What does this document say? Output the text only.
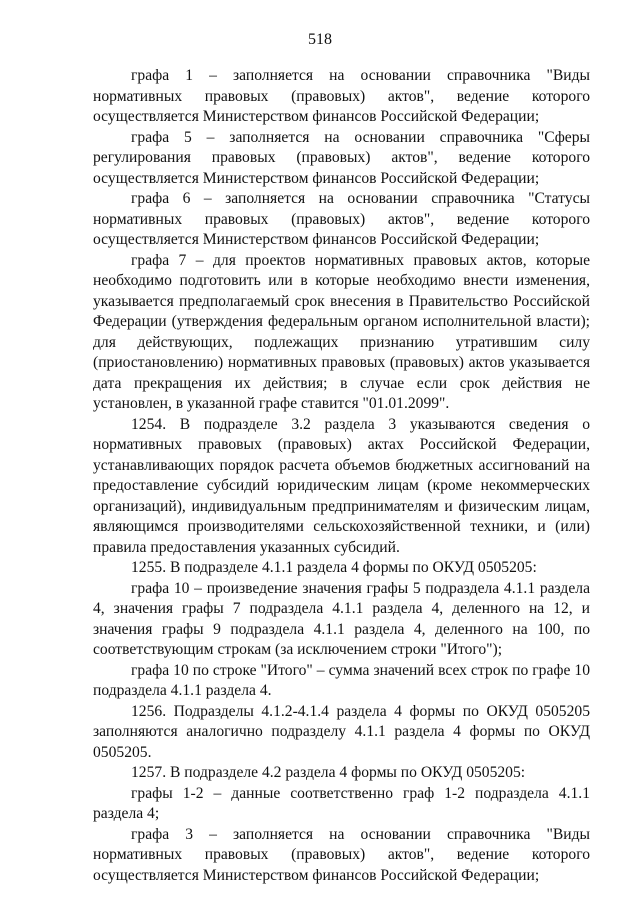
518

графа 1 – заполняется на основании справочника "Виды нормативных правовых (правовых) актов", ведение которого осуществляется Министерством финансов Российской Федерации;

графа 5 – заполняется на основании справочника "Сферы регулирования правовых (правовых) актов", ведение которого осуществляется Министерством финансов Российской Федерации;

графа 6 – заполняется на основании справочника "Статусы нормативных правовых (правовых) актов", ведение которого осуществляется Министерством финансов Российской Федерации;

графа 7 – для проектов нормативных правовых актов, которые необходимо подготовить или в которые необходимо внести изменения, указывается предполагаемый срок внесения в Правительство Российской Федерации (утверждения федеральным органом исполнительной власти); для действующих, подлежащих признанию утратившим силу (приостановлению) нормативных правовых (правовых) актов указывается дата прекращения их действия; в случае если срок действия не установлен, в указанной графе ставится "01.01.2099".

1254. В подразделе 3.2 раздела 3 указываются сведения о нормативных правовых (правовых) актах Российской Федерации, устанавливающих порядок расчета объемов бюджетных ассигнований на предоставление субсидий юридическим лицам (кроме некоммерческих организаций), индивидуальным предпринимателям и физическим лицам, являющимся производителями сельскохозяйственной техники, и (или) правила предоставления указанных субсидий.

1255. В подразделе 4.1.1 раздела 4 формы по ОКУД 0505205:

графа 10 – произведение значения графы 5 подраздела 4.1.1 раздела 4, значения графы 7 подраздела 4.1.1 раздела 4, деленного на 12, и значения графы 9 подраздела 4.1.1 раздела 4, деленного на 100, по соответствующим строкам (за исключением строки "Итого");

графа 10 по строке "Итого" – сумма значений всех строк по графе 10 подраздела 4.1.1 раздела 4.

1256. Подразделы 4.1.2-4.1.4 раздела 4 формы по ОКУД 0505205 заполняются аналогично подразделу 4.1.1 раздела 4 формы по ОКУД 0505205.

1257. В подразделе 4.2 раздела 4 формы по ОКУД 0505205:

графы 1-2 – данные соответственно граф 1-2 подраздела 4.1.1 раздела 4;

графа 3 – заполняется на основании справочника "Виды нормативных правовых (правовых) актов", ведение которого осуществляется Министерством финансов Российской Федерации;
